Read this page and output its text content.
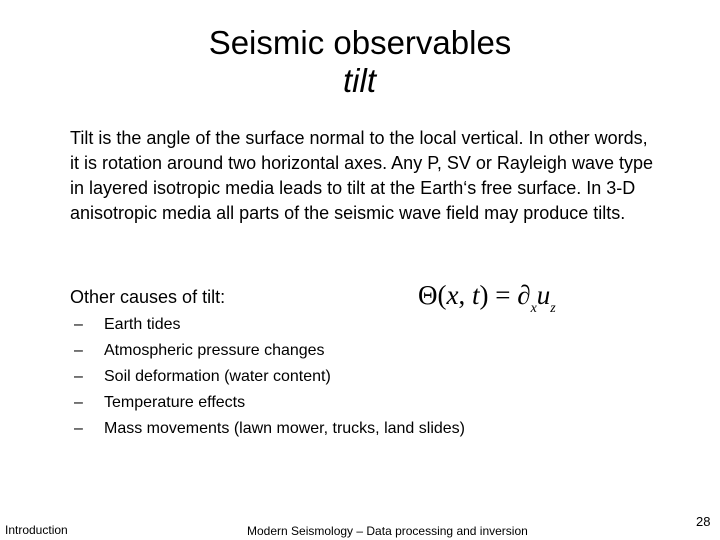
Seismic observables
tilt
Tilt is the angle of the surface normal to the local vertical. In other words, it is rotation around two horizontal axes. Any P, SV or Rayleigh wave type in layered isotropic media leads to tilt at the Earth‘s free surface. In 3-D anisotropic media all parts of the seismic wave field may produce tilts.
Other causes of tilt:
–	Earth tides
–	Atmospheric pressure changes
–	Soil deformation (water content)
–	Temperature effects
–	Mass movements (lawn mower, trucks, land slides)
Θ(x, $t) = \partial_xu_z$
Introduction	Modern Seismology – Data processing and inversion
28
